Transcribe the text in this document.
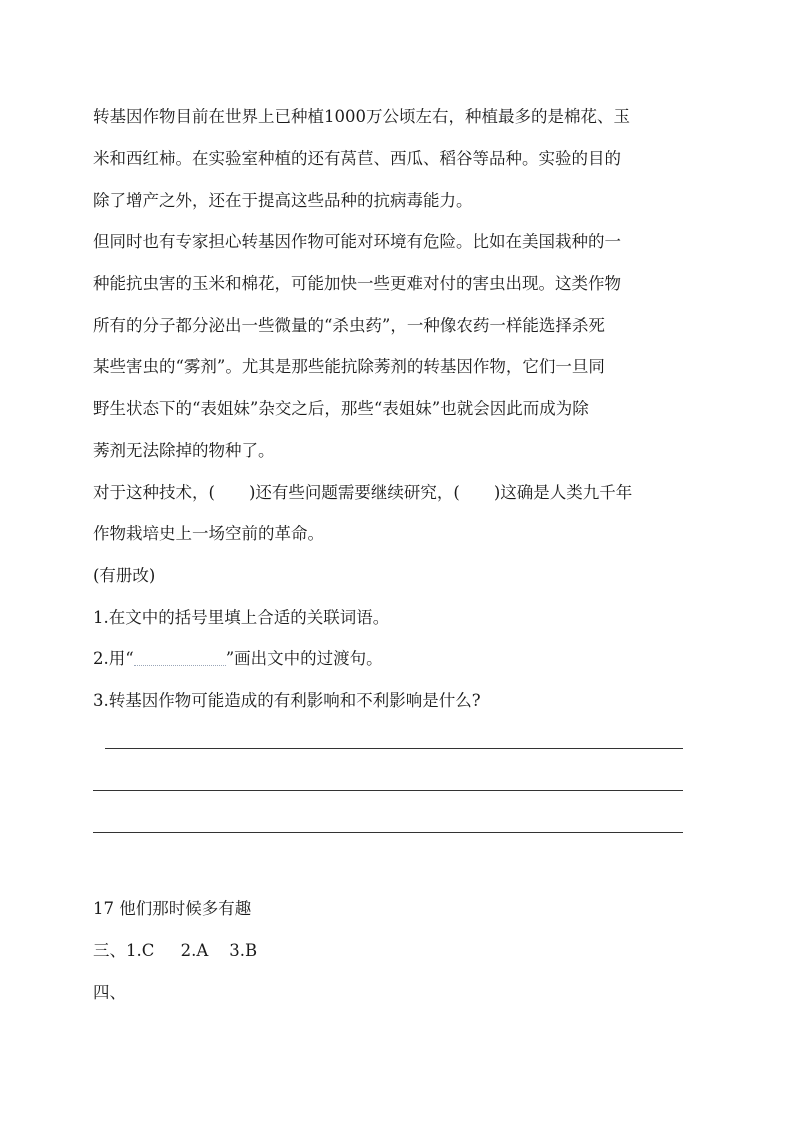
转基因作物目前在世界上已种植1000万公顷左右，种植最多的是棉花、玉
米和西红柿。在实验室种植的还有莴苣、西瓜、稻谷等品种。实验的目的
除了增产之外，还在于提高这些品种的抗病毒能力。
但同时也有专家担心转基因作物可能对环境有危险。比如在美国栽种的一
种能抗虫害的玉米和棉花，可能加快一些更难对付的害虫出现。这类作物
所有的分子都分泌出一些微量的“杀虫药”，一种像农药一样能选择杀死
某些害虫的“雾剂”。尤其是那些能抗除莠剂的转基因作物，它们一旦同
野生状态下的“表姐妹”杂交之后，那些“表姐妹”也就会因此而成为除
莠剂无法除掉的物种了。
对于这种技术，( )还有些问题需要继续研究，( )这确是人类九千年
作物栽培史上一场空前的革命。
(有册改)
1.在文中的括号里填上合适的关联词语。
2.用“	”画出文中的过渡句。
3.转基因作物可能造成的有利影响和不利影响是什么?
17 他们那时候多有趣
三、1.C     2.A    3.B
四、
